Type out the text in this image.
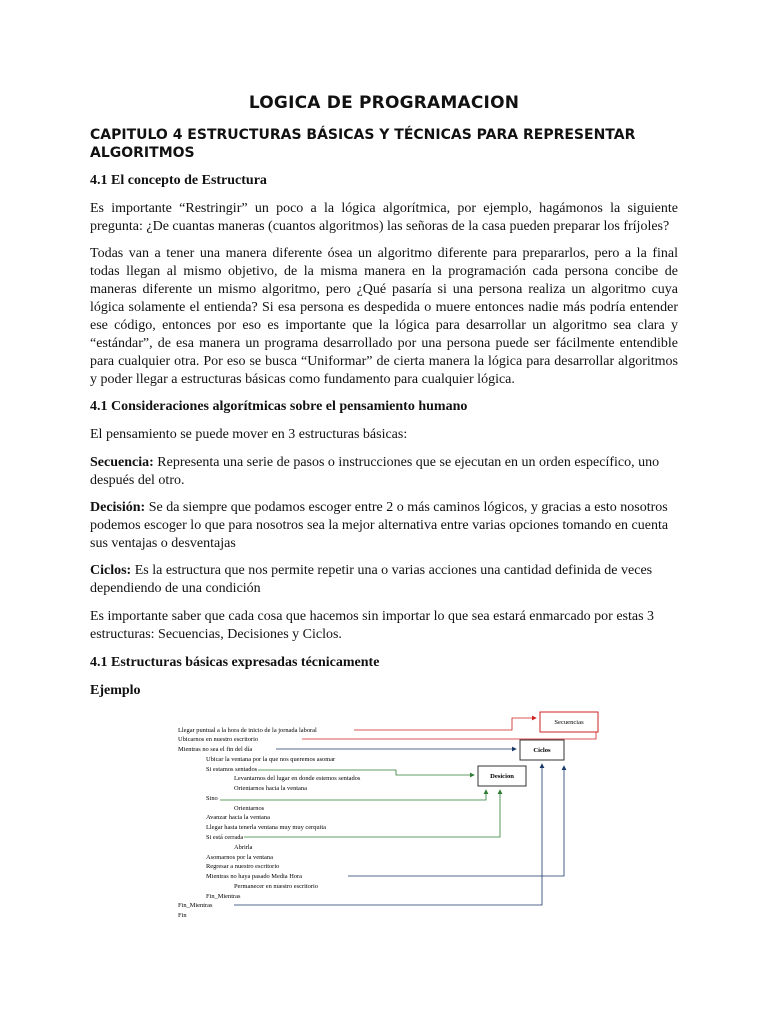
LOGICA DE PROGRAMACION
CAPITULO 4 ESTRUCTURAS BÁSICAS Y TÉCNICAS PARA REPRESENTAR ALGORITMOS

4.1 El concepto de Estructura

Es importante “Restringir” un poco a la lógica algorítmica, por ejemplo, hagámonos la siguiente pregunta: ¿De cuantas maneras (cuantos algoritmos) las señoras de la casa pueden preparar los fríjoles?

Todas van a tener una manera diferente ósea un algoritmo diferente para prepararlos, pero a la final todas llegan al mismo objetivo, de la misma manera en la programación cada persona concibe de maneras diferente un mismo algoritmo, pero ¿Qué pasaría si una persona realiza un algoritmo cuya lógica solamente el entienda? Si esa persona es despedida o muere entonces nadie más podría entender ese código, entonces por eso es importante que la lógica para desarrollar un algoritmo sea clara y “estándar”, de esa manera un programa desarrollado por una persona puede ser fácilmente entendible para cualquier otra. Por eso se busca “Uniformar” de cierta manera la lógica para desarrollar algoritmos y poder llegar a estructuras básicas como fundamento para cualquier lógica.

4.1 Consideraciones algorítmicas sobre el pensamiento humano

El pensamiento se puede mover en 3 estructuras básicas:

Secuencia: Representa una serie de pasos o instrucciones que se ejecutan en un orden específico, uno después del otro.

Decisión: Se da siempre que podamos escoger entre 2 o más caminos lógicos, y gracias a esto nosotros podemos escoger lo que para nosotros sea la mejor alternativa entre varias opciones tomando en cuenta sus ventajas o desventajas

Ciclos: Es la estructura que nos permite repetir una o varias acciones una cantidad definida de veces dependiendo de una condición

Es importante saber que cada cosa que hacemos sin importar lo que sea estará enmarcado por estas 3 estructuras: Secuencias, Decisiones y Ciclos.

4.1 Estructuras básicas expresadas técnicamente

Ejemplo

Llegar puntual a la hora de inicio de la jornada laboral
Ubicarnos en nuestro escritorio
Mientras no sea el fin del día
Ubicar la ventana por la que nos queremos asomar
Si estamos sentados
Levantarnos del lugar en donde estemos sentados
Orientarnos hacia la ventana
Sino
Orientarnos
Avanzar hacia la ventana
Llegar hasta tenerla ventana muy muy cerquita
Si está cerrada
Abrirla
Asomarnos por la ventana
Regresar a nuestro escritorio
Mientras no haya pasado Media Hora
Permanecer en nuestro escritorio
Fin_Mientras
Fin_Mientras
Fin
Secuencias
Ciclos
Desicion
